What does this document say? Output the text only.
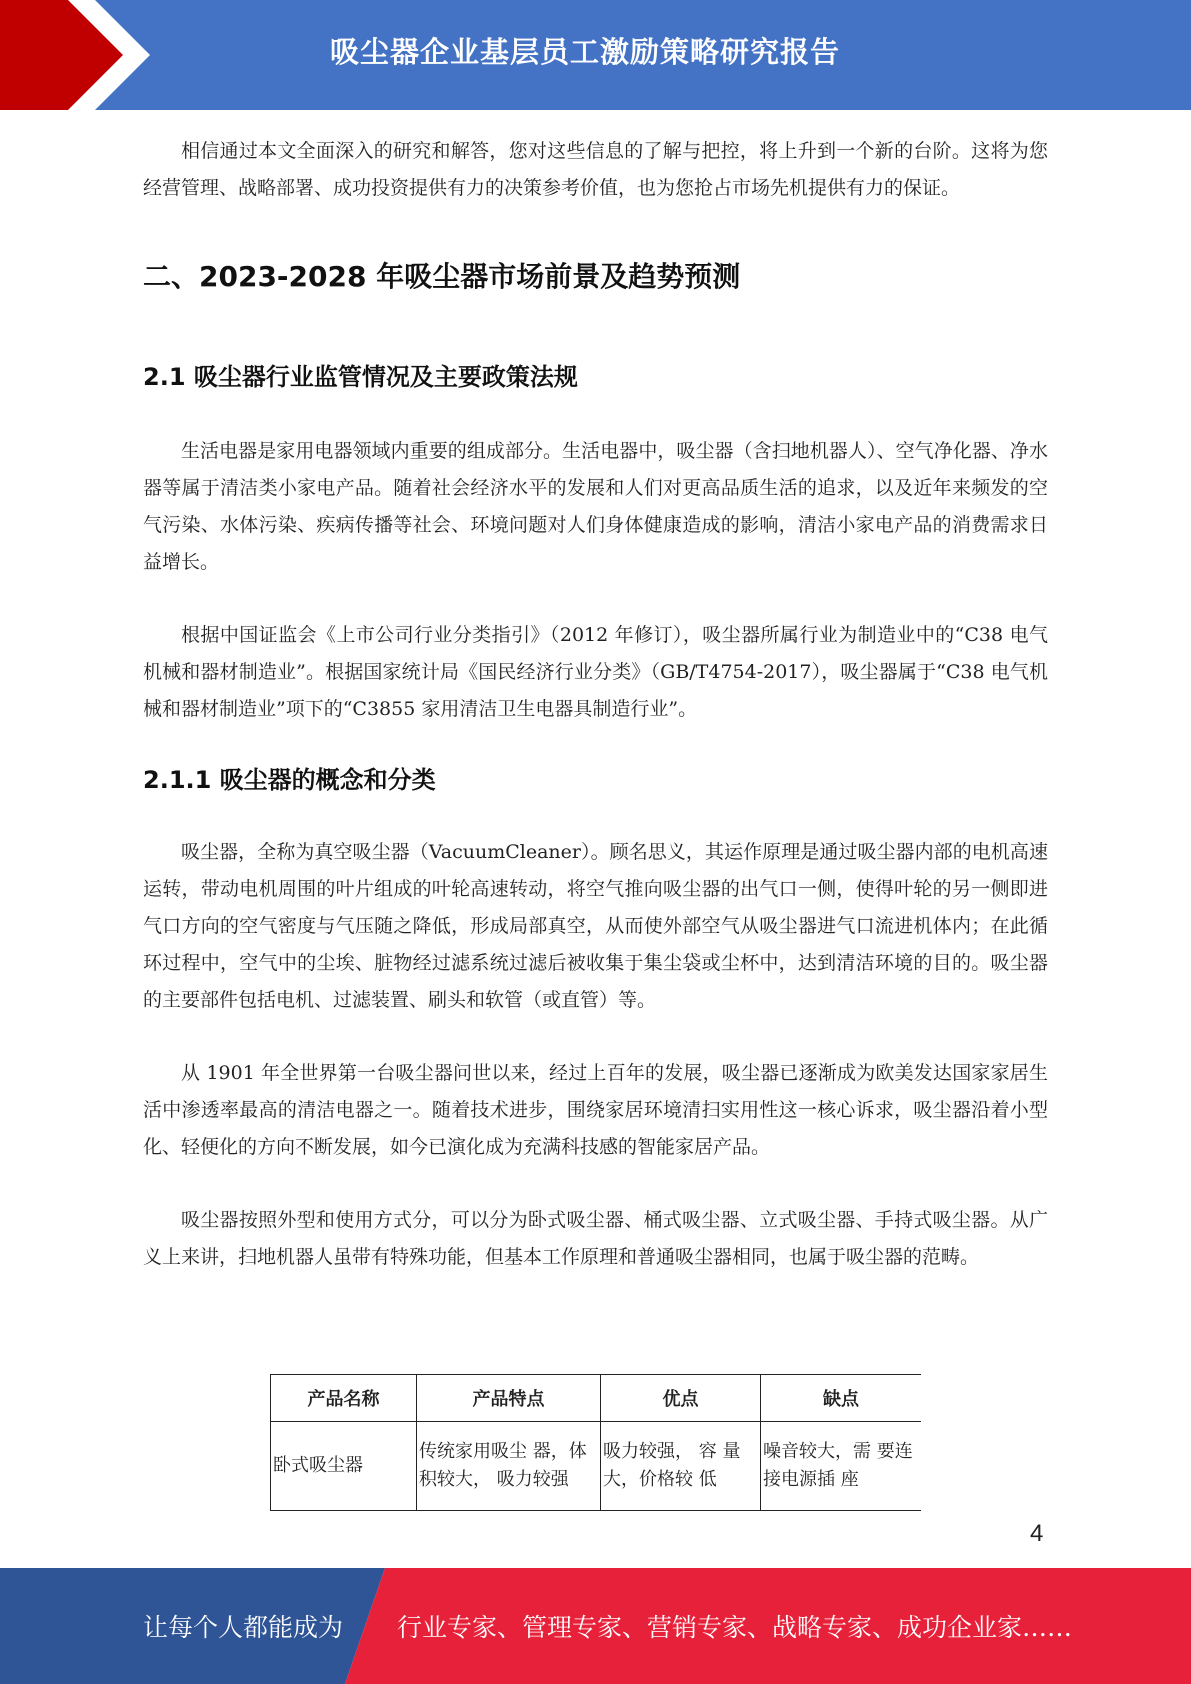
吸尘器企业基层员工激励策略研究报告

相信通过本文全面深入的研究和解答，您对这些信息的了解与把控，将上升到一个新的台阶。这将为您经营管理、战略部署、成功投资提供有力的决策参考价值，也为您抢占市场先机提供有力的保证。

二、2023-2028 年吸尘器市场前景及趋势预测
2.1 吸尘器行业监管情况及主要政策法规

生活电器是家用电器领域内重要的组成部分。生活电器中，吸尘器（含扫地机器人）、空气净化器、净水器等属于清洁类小家电产品。随着社会经济水平的发展和人们对更高品质生活的追求，以及近年来频发的空气污染、水体污染、疾病传播等社会、环境问题对人们身体健康造成的影响，清洁小家电产品的消费需求日益增长。

根据中国证监会《上市公司行业分类指引》（2012 年修订），吸尘器所属行业为制造业中的“C38 电气机械和器材制造业”。根据国家统计局《国民经济行业分类》（GB/T4754-2017），吸尘器属于“C38 电气机械和器材制造业”项下的“C3855 家用清洁卫生电器具制造行业”。

2.1.1 吸尘器的概念和分类

吸尘器，全称为真空吸尘器（VacuumCleaner）。顾名思义，其运作原理是通过吸尘器内部的电机高速运转，带动电机周围的叶片组成的叶轮高速转动，将空气推向吸尘器的出气口一侧，使得叶轮的另一侧即进气口方向的空气密度与气压随之降低，形成局部真空，从而使外部空气从吸尘器进气口流进机体内；在此循环过程中，空气中的尘埃、脏物经过滤系统过滤后被收集于集尘袋或尘杯中，达到清洁环境的目的。吸尘器的主要部件包括电机、过滤装置、刷头和软管（或直管）等。

从 1901 年全世界第一台吸尘器问世以来，经过上百年的发展，吸尘器已逐渐成为欧美发达国家家居生活中渗透率最高的清洁电器之一。随着技术进步，围绕家居环境清扫实用性这一核心诉求，吸尘器沿着小型化、轻便化的方向不断发展，如今已演化成为充满科技感的智能家居产品。

吸尘器按照外型和使用方式分，可以分为卧式吸尘器、桶式吸尘器、立式吸尘器、手持式吸尘器。从广义上来讲，扫地机器人虽带有特殊功能，但基本工作原理和普通吸尘器相同，也属于吸尘器的范畴。

产品名称	产品特点	优点	缺点
卧式吸尘器	传统家用吸尘 器，体积较大， 吸力较强	吸力较强， 容 量大，价格较 低	噪音较大，需 要连接电源插 座
4
让每个人都能成为 行业专家、管理专家、营销专家、战略专家、成功企业家……
